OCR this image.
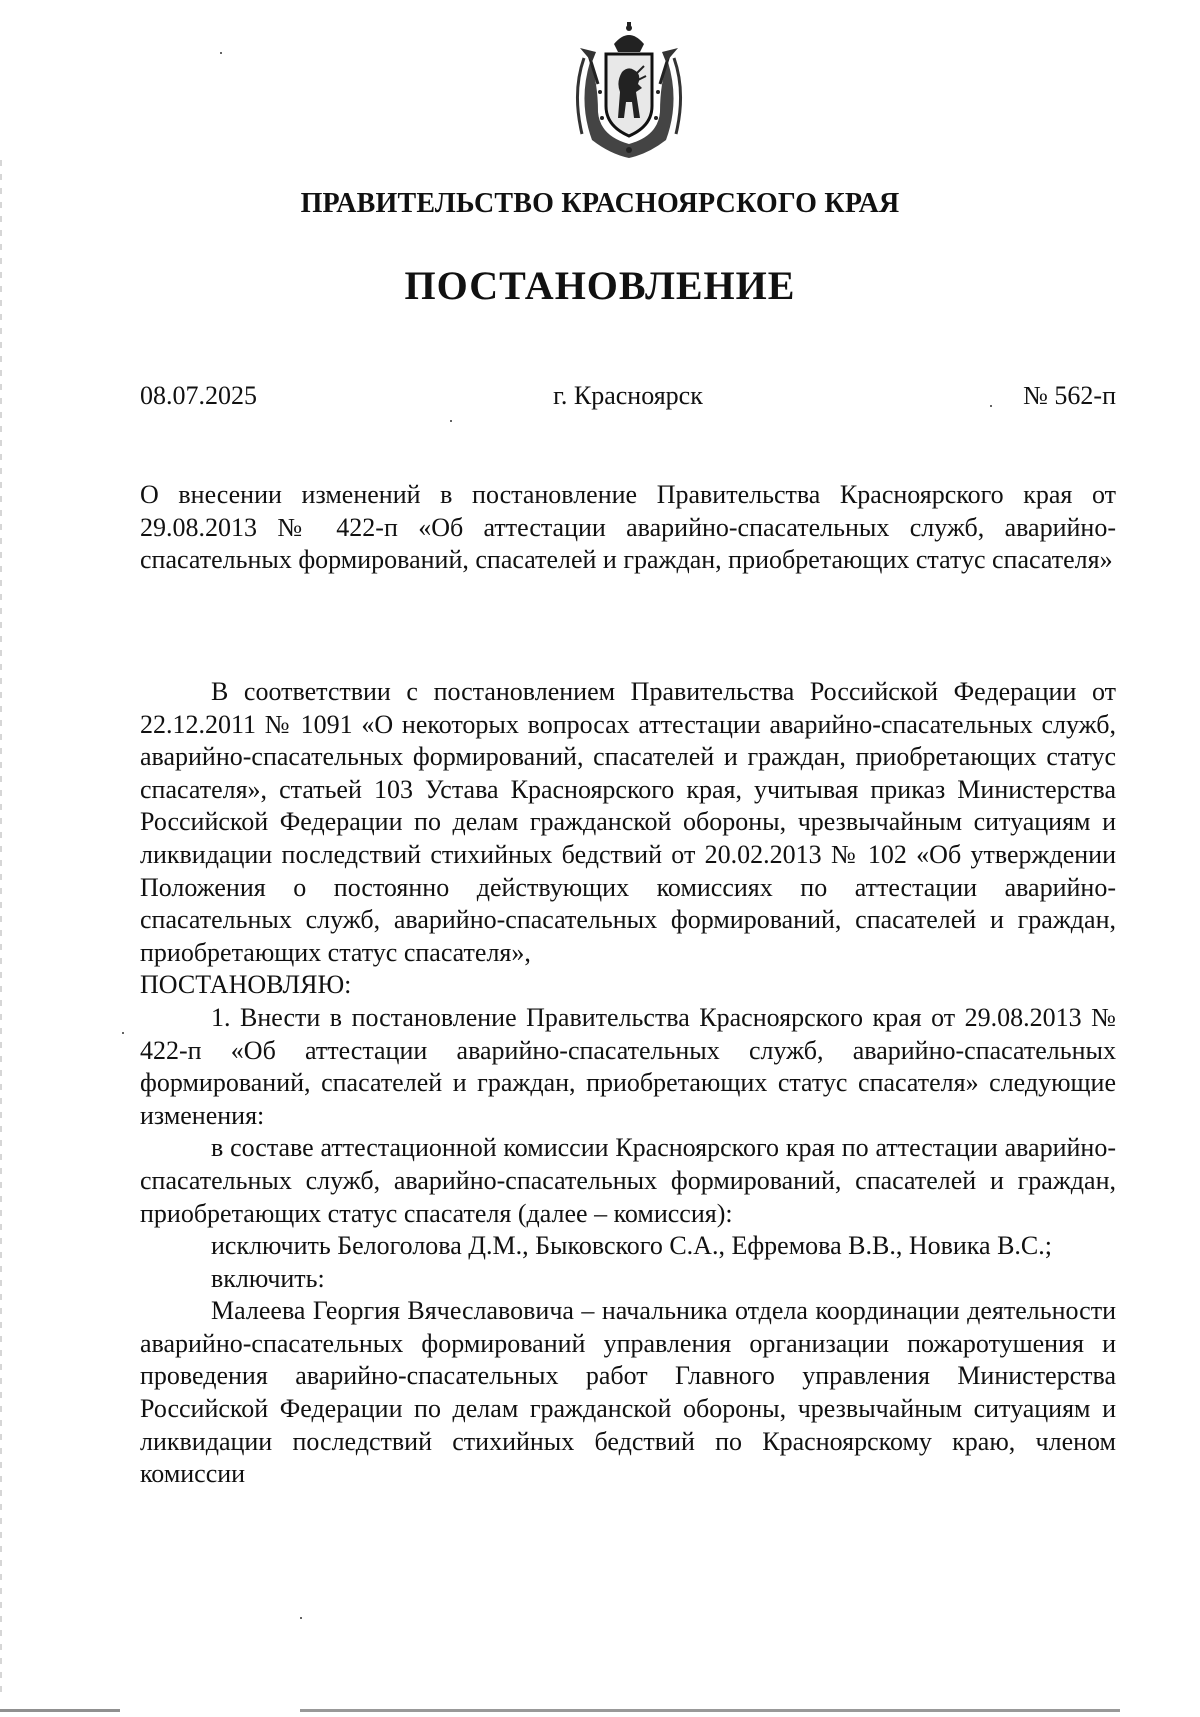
ПРАВИТЕЛЬСТВО КРАСНОЯРСКОГО КРАЯ
ПОСТАНОВЛЕНИЕ
г. Красноярск
08.07.2025	№ 562-п

О внесении изменений в постановление Правительства Красноярского края от 29.08.2013 № 422-п «Об аттестации аварийно-спасательных служб, аварийно-спасательных формирований, спасателей и граждан, приобретающих статус спасателя»

В соответствии с постановлением Правительства Российской Федерации от 22.12.2011 № 1091 «О некоторых вопросах аттестации аварийно-спасательных служб, аварийно-спасательных формирований, спасателей и граждан, приобретающих статус спасателя», статьей 103 Устава Красноярского края, учитывая приказ Министерства Российской Федерации по делам гражданской обороны, чрезвычайным ситуациям и ликвидации последствий стихийных бедствий от 20.02.2013 № 102 «Об утверждении Положения о постоянно действующих комиссиях по аттестации аварийно-спасательных служб, аварийно-спасательных формирований, спасателей и граждан, приобретающих статус спасателя»,

ПОСТАНОВЛЯЮ:

1. Внести в постановление Правительства Красноярского края от 29.08.2013 № 422-п «Об аттестации аварийно-спасательных служб, аварийно-спасательных формирований, спасателей и граждан, приобретающих статус спасателя» следующие изменения:

в составе аттестационной комиссии Красноярского края по аттестации аварийно-спасательных служб, аварийно-спасательных формирований, спасателей и граждан, приобретающих статус спасателя (далее – комиссия):

исключить Белоголова Д.М., Быковского С.А., Ефремова В.В., Новика В.С.;

включить:

Малеева Георгия Вячеславовича – начальника отдела координации деятельности аварийно-спасательных формирований управления организации пожаротушения и проведения аварийно-спасательных работ Главного управления Министерства Российской Федерации по делам гражданской обороны, чрезвычайным ситуациям и ликвидации последствий стихийных бедствий по Красноярскому краю, членом комиссии
